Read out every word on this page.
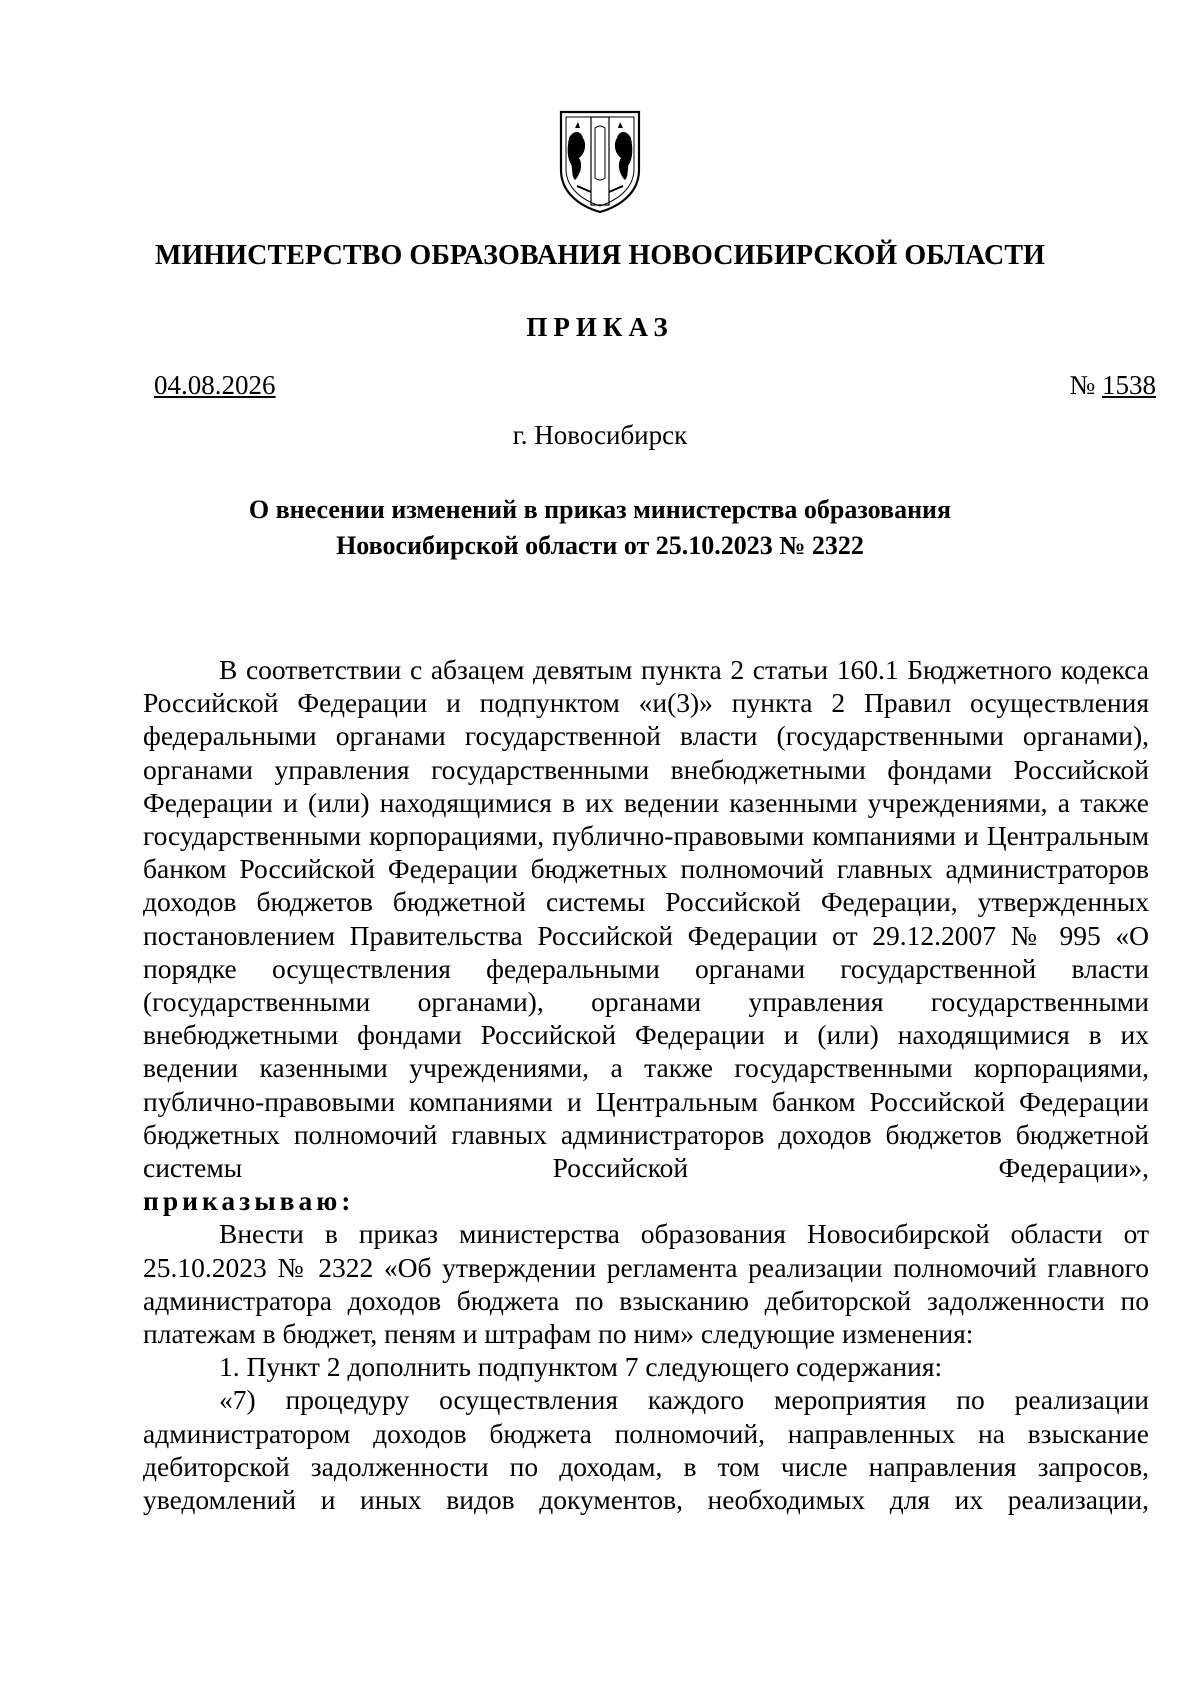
МИНИСТЕРСТВО ОБРАЗОВАНИЯ НОВОСИБИРСКОЙ ОБЛАСТИ
ПРИКАЗ
04.08.2026	№ 1538
г. Новосибирск
О внесении изменений в приказ министерства образования
Новосибирской области от 25.10.2023 № 2322

В соответствии с абзацем девятым пункта 2 статьи 160.1 Бюджетного кодекса Российской Федерации и подпунктом «и(3)» пункта 2 Правил осуществления федеральными органами государственной власти (государственными органами), органами управления государственными внебюджетными фондами Российской Федерации и (или) находящимися в их ведении казенными учреждениями, а также государственными корпорациями, публично-правовыми компаниями и Центральным банком Российской Федерации бюджетных полномочий главных администраторов доходов бюджетов бюджетной системы Российской Федерации, утвержденных постановлением Правительства Российской Федерации от 29.12.2007 № 995 «О порядке осуществления федеральными органами государственной власти (государственными органами), органами управления государственными внебюджетными фондами Российской Федерации и (или) находящимися в их ведении казенными учреждениями, а также государственными корпорациями, публично-правовыми компаниями и Центральным банком Российской Федерации бюджетных полномочий главных администраторов доходов бюджетов бюджетной системы Российской Федерации»,

приказываю:

Внести в приказ министерства образования Новосибирской области от 25.10.2023 № 2322 «Об утверждении регламента реализации полномочий главного администратора доходов бюджета по взысканию дебиторской задолженности по платежам в бюджет, пеням и штрафам по ним» следующие изменения:

1. Пункт 2 дополнить подпунктом 7 следующего содержания:

«7) процедуру осуществления каждого мероприятия по реализации администратором доходов бюджета полномочий, направленных на взыскание дебиторской задолженности по доходам, в том числе направления запросов, уведомлений и иных видов документов, необходимых для их реализации,
